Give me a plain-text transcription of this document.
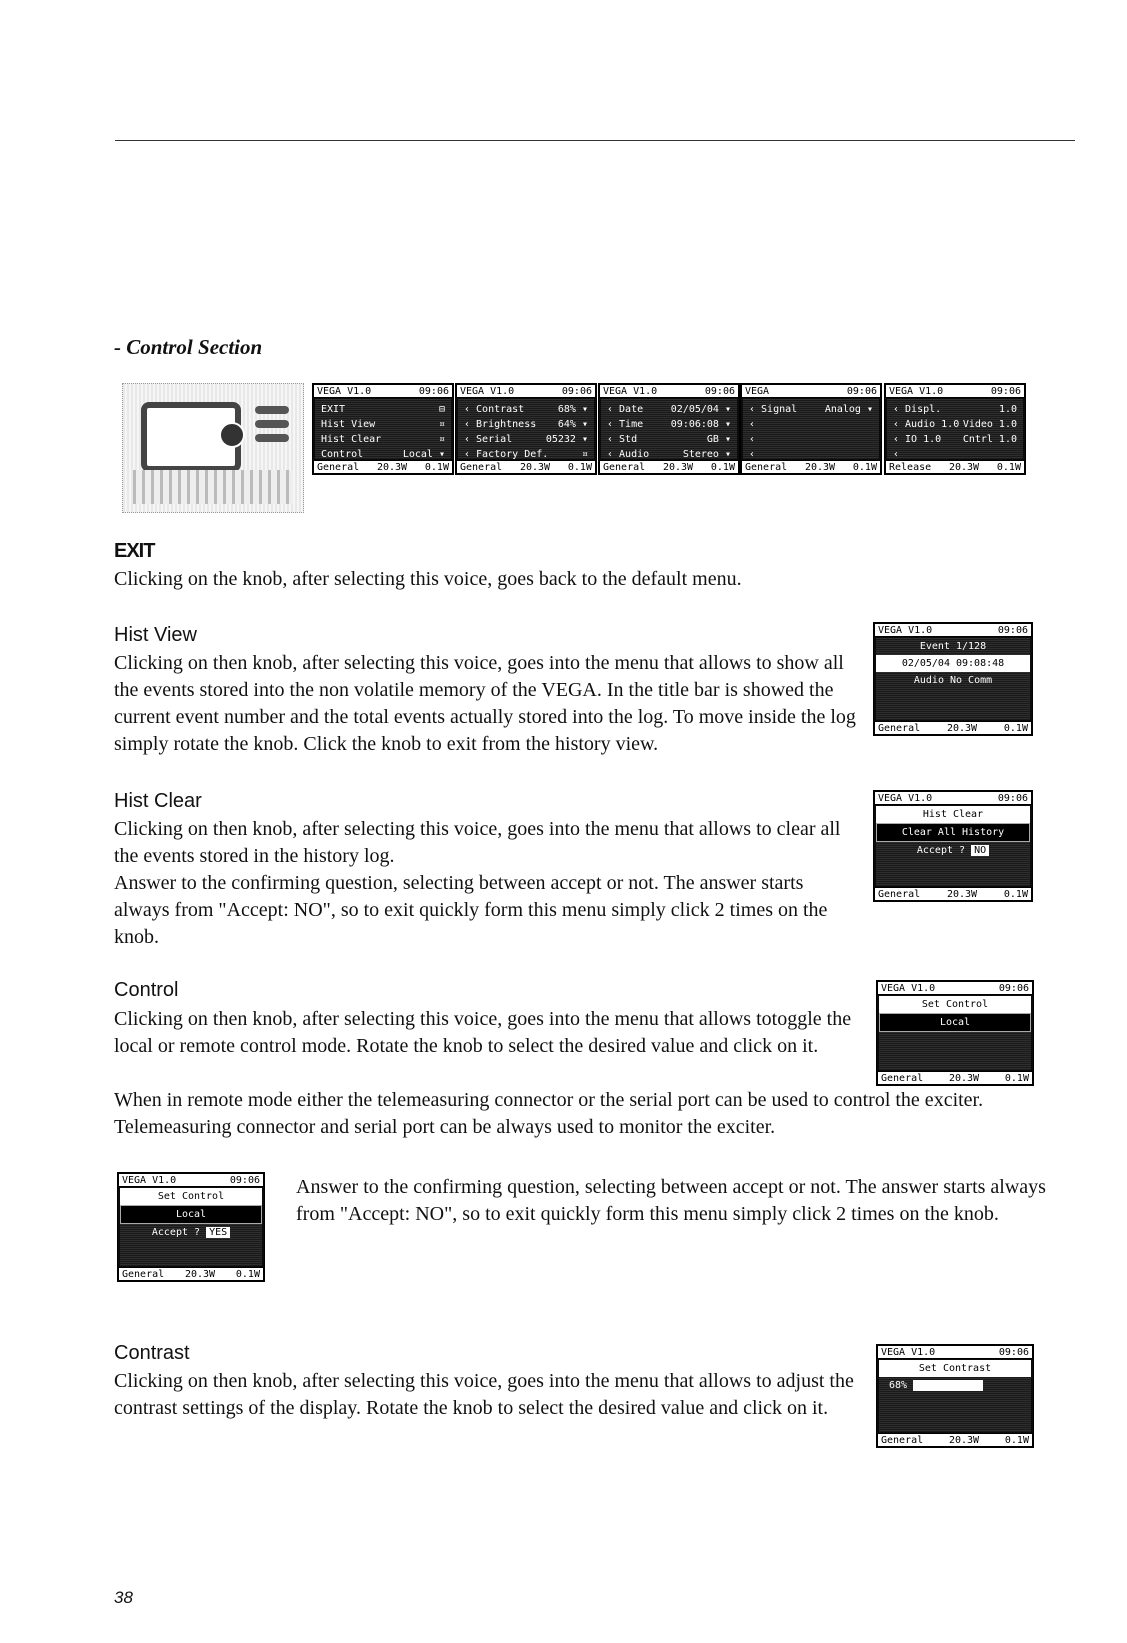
- Control Section
VEGA V1.0	09:06
EXIT	⊟
Hist View	¤
Hist Clear	¤
Control	Local ▾
General 20.3W 0.1W
VEGA V1.0	09:06
‹ Contrast	68% ▾
‹ Brightness 64% ▾
‹ Serial	05232 ▾
‹ Factory Def.	¤
General 20.3W 0.1W
VEGA V1.0	09:06
‹ Date	02/05/04 ▾
‹ Time	09:06:08 ▾
‹ Std	GB ▾
‹ Audio	Stereo ▾
General 20.3W 0.1W
VEGA	09:06
‹ Signal	Analog ▾
‹
‹
‹
General 20.3W 0.1W
VEGA V1.0	09:06
‹ Displ.	1.0
‹ Audio 1.0 Video 1.0
‹ IO 1.0 Cntrl 1.0
‹
Release 20.3W 0.1W
EXIT
Clicking on the knob, after selecting this voice, goes back to the default menu.
Hist View
Clicking on then knob, after selecting this voice, goes into the menu that allows to show all the events stored into the non volatile memory of the VEGA. In the title bar is showed the current event number and the total events actually stored into the log. To move inside the log simply rotate the knob. Click the knob to exit from the history view.
VEGA V1.0	09:06
Event 1/128
02/05/04 09:08:48
Audio No Comm
General	20.3W	0.1W
Hist Clear
Clicking on then knob, after selecting this voice, goes into the menu that allows to clear all the events stored in the history log.
Answer to the confirming question, selecting between accept or not. The answer starts always from "Accept: NO", so to exit quickly form this menu simply click 2 times on the knob.
VEGA V1.0	09:06
Hist Clear
Clear All History
Accept ? NO
General	20.3W	0.1W
Control
Clicking on then knob, after selecting this voice, goes into the menu that allows totoggle the local or remote control mode. Rotate the knob to select the desired value and click on it.
When in remote mode either the telemeasuring connector or the serial port can be used to control the exciter. Telemeasuring connector and serial port can be always used to monitor the exciter.
VEGA V1.0	09:06
Set Control
Local
General	20.3W	0.1W
VEGA V1.0	09:06
Set Control
Local
Accept ? YES
General 20.3W 0.1W
Answer to the confirming question, selecting between accept or not. The answer starts always from "Accept: NO", so to exit quickly form this menu simply click 2 times on the knob.
Contrast
Clicking on then knob, after selecting this voice, goes into the menu that allows to adjust the contrast settings of the display. Rotate the knob to select the desired value and click on it.
VEGA V1.0	09:06
Set Contrast
68%
General	20.3W	0.1W
38
